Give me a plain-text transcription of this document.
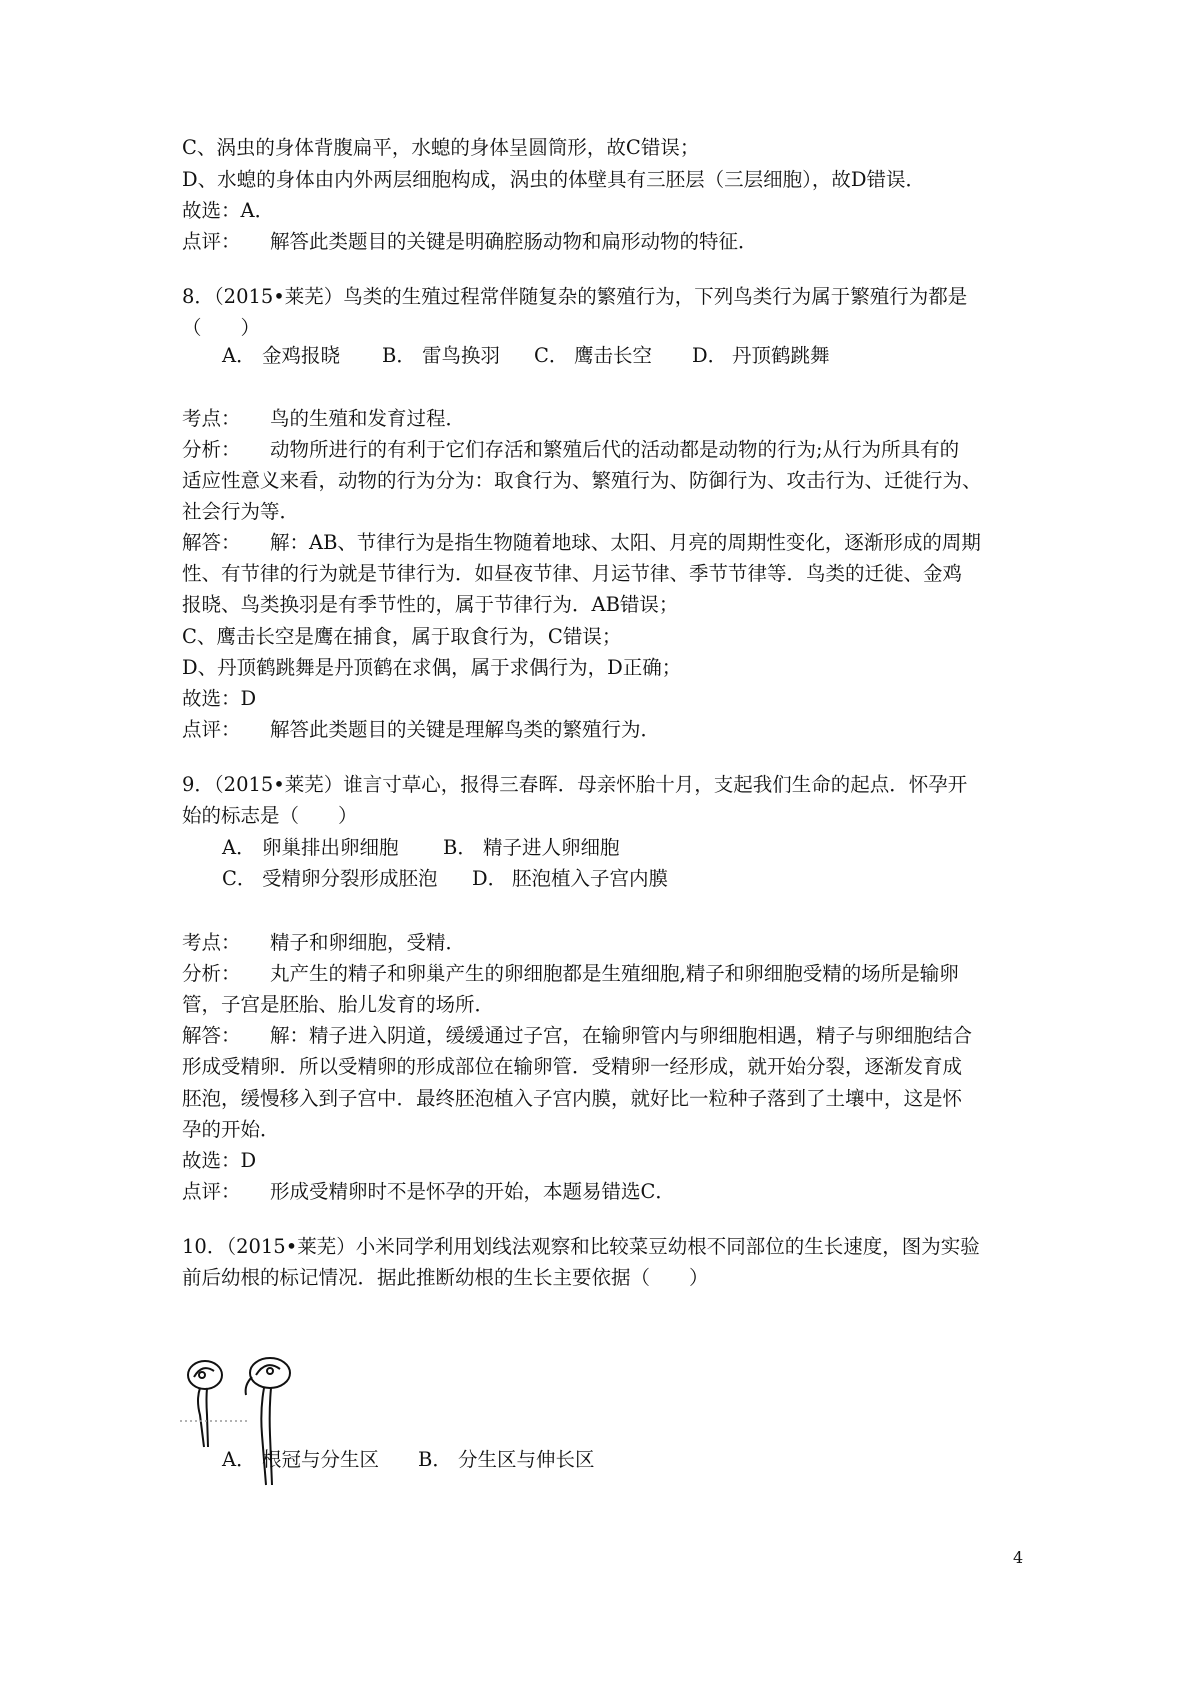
C、涡虫的身体背腹扁平，水螅的身体呈圆筒形，故C错误；
D、水螅的身体由内外两层细胞构成，涡虫的体壁具有三胚层（三层细胞），故D错误．
故选：A．
点评： 解答此类题目的关键是明确腔肠动物和扁形动物的特征．
8．（2015•莱芜）鸟类的生殖过程常伴随复杂的繁殖行为，下列鸟类行为属于繁殖行为都是
（　　）
A． 金鸡报晓 B． 雷鸟换羽 C． 鹰击长空 D． 丹顶鹤跳舞
考点： 鸟的生殖和发育过程．
分析： 动物所进行的有利于它们存活和繁殖后代的活动都是动物的行为;从行为所具有的
适应性意义来看，动物的行为分为：取食行为、繁殖行为、防御行为、攻击行为、迁徙行为、
社会行为等．
解答： 解：AB、节律行为是指生物随着地球、太阳、月亮的周期性变化，逐渐形成的周期
性、有节律的行为就是节律行为．如昼夜节律、月运节律、季节节律等．鸟类的迁徙、金鸡
报晓、鸟类换羽是有季节性的，属于节律行为．AB错误；
C、鹰击长空是鹰在捕食，属于取食行为，C错误；
D、丹顶鹤跳舞是丹顶鹤在求偶，属于求偶行为，D正确；
故选：D
点评： 解答此类题目的关键是理解鸟类的繁殖行为．
9．（2015•莱芜）谁言寸草心，报得三春晖．母亲怀胎十月，支起我们生命的起点．怀孕开
始的标志是（　　）
A． 卵巢排出卵细胞 B． 精子进人卵细胞
C． 受精卵分裂形成胚泡 D． 胚泡植入子宫内膜
考点： 精子和卵细胞，受精．
分析： 丸产生的精子和卵巢产生的卵细胞都是生殖细胞,精子和卵细胞受精的场所是输卵
管，子宫是胚胎、胎儿发育的场所．
解答： 解：精子进入阴道，缓缓通过子宫，在输卵管内与卵细胞相遇，精子与卵细胞结合
形成受精卵．所以受精卵的形成部位在输卵管．受精卵一经形成，就开始分裂，逐渐发育成
胚泡，缓慢移入到子宫中．最终胚泡植入子宫内膜，就好比一粒种子落到了土壤中，这是怀
孕的开始．
故选：D
点评： 形成受精卵时不是怀孕的开始，本题易错选C．
10．（2015•莱芜）小米同学利用划线法观察和比较菜豆幼根不同部位的生长速度，图为实验
前后幼根的标记情况．据此推断幼根的生长主要依据（　　）
A． 根冠与分生区 B． 分生区与伸长区
4
